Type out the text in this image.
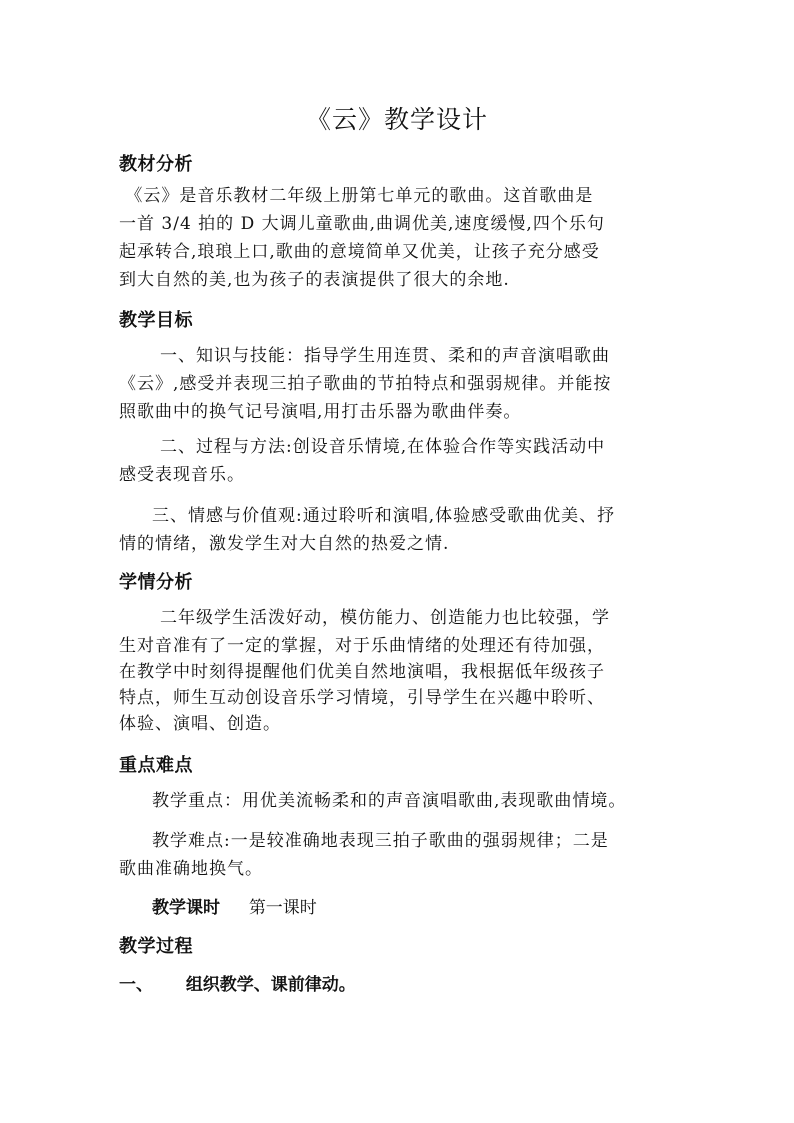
《云》教学设计
教材分析
《云》是音乐教材二年级上册第七单元的歌曲。这首歌曲是
一首 3/4 拍的 D 大调儿童歌曲,曲调优美,速度缓慢,四个乐句
起承转合,琅琅上口,歌曲的意境简单又优美，让孩子充分感受
到大自然的美,也为孩子的表演提供了很大的余地.
教学目标
一、知识与技能：指导学生用连贯、柔和的声音演唱歌曲
《云》,感受并表现三拍子歌曲的节拍特点和强弱规律。并能按
照歌曲中的换气记号演唱,用打击乐器为歌曲伴奏。
二、过程与方法:创设音乐情境,在体验合作等实践活动中
感受表现音乐。
三、情感与价值观:通过聆听和演唱,体验感受歌曲优美、抒
情的情绪，激发学生对大自然的热爱之情.
学情分析
二年级学生活泼好动，模仿能力、创造能力也比较强，学
生对音准有了一定的掌握，对于乐曲情绪的处理还有待加强，
在教学中时刻得提醒他们优美自然地演唱，我根据低年级孩子
特点，师生互动创设音乐学习情境，引导学生在兴趣中聆听、
体验、演唱、创造。
重点难点
教学重点：用优美流畅柔和的声音演唱歌曲,表现歌曲情境。
教学难点:一是较准确地表现三拍子歌曲的强弱规律；二是
歌曲准确地换气。
教学课时 第一课时
教学过程
一、 组织教学、课前律动。
